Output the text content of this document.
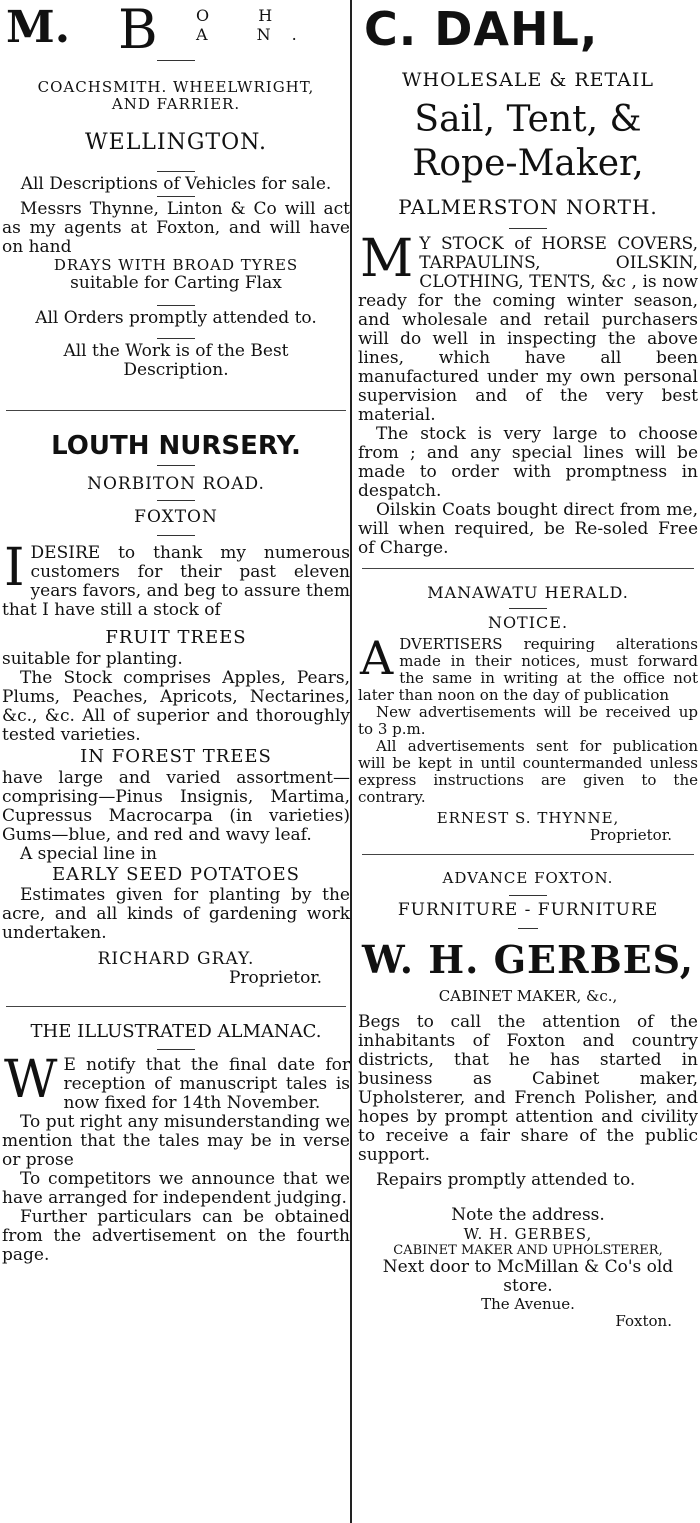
M. B O H A N.

COACHSMITH. WHEELWRIGHT,

AND FARRIER.

WELLINGTON.

All Descriptions of Vehicles for sale.

Messrs Thynne, Linton & Co will act as my agents at Foxton, and will have on hand

DRAYS WITH BROAD TYRES

suitable for Carting Flax

All Orders promptly attended to.

All the Work is of the Best Description.

LOUTH NURSERY.

NORBITON ROAD.

FOXTON

I DESIRE to thank my numerous customers for their past eleven years favors, and beg to assure them that I have still a stock of

FRUIT TREES

suitable for planting.

The Stock comprises Apples, Pears, Plums, Peaches, Apricots, Nectarines, &c., &c. All of superior and thoroughly tested varieties.

IN FOREST TREES

have large and varied assortment—comprising—Pinus Insignis, Martima, Cupressus Macrocarpa (in varieties) Gums—blue, and red and wavy leaf.

A special line in

EARLY SEED POTATOES

Estimates given for planting by the acre, and all kinds of gardening work undertaken.

RICHARD GRAY.

Proprietor.

THE ILLUSTRATED ALMANAC.

W E notify that the final date for reception of manuscript tales is now fixed for 14th November.

To put right any misunderstanding we mention that the tales may be in verse or prose

To competitors we announce that we have arranged for independent judging.

Further particulars can be obtained from the advertisement on the fourth page.

C. DAHL,

WHOLESALE & RETAIL

Sail, Tent, & Rope-Maker,

PALMERSTON NORTH.

M Y STOCK of HORSE COVERS, TARPAULINS, OILSKIN, CLOTHING, TENTS, &c , is now ready for the coming winter season, and wholesale and retail purchasers will do well in inspecting the above lines, which have all been manufactured under my own personal supervision and of the very best material.

The stock is very large to choose from ; and any special lines will be made to order with promptness in despatch.

Oilskin Coats bought direct from me, will when required, be Re-soled Free of Charge.

MANAWATU HERALD.

NOTICE.

A DVERTISERS requiring alterations made in their notices, must forward the same in writing at the office not later than noon on the day of publication

New advertisements will be received up to 3 p.m.

All advertisements sent for publication will be kept in until countermanded unless express instructions are given to the contrary.

ERNEST S. THYNNE,

Proprietor.

ADVANCE FOXTON.

FURNITURE - FURNITURE

W. H. GERBES,

CABINET MAKER, &c.,

Begs to call the attention of the inhabitants of Foxton and country districts, that he has started in business as Cabinet maker, Upholsterer, and French Polisher, and hopes by prompt attention and civility to receive a fair share of the public support.

Repairs promptly attended to.

Note the address.

W. H. GERBES,

CABINET MAKER AND UPHOLSTERER,

Next door to McMillan & Co's old store.

The Avenue.

Foxton.
